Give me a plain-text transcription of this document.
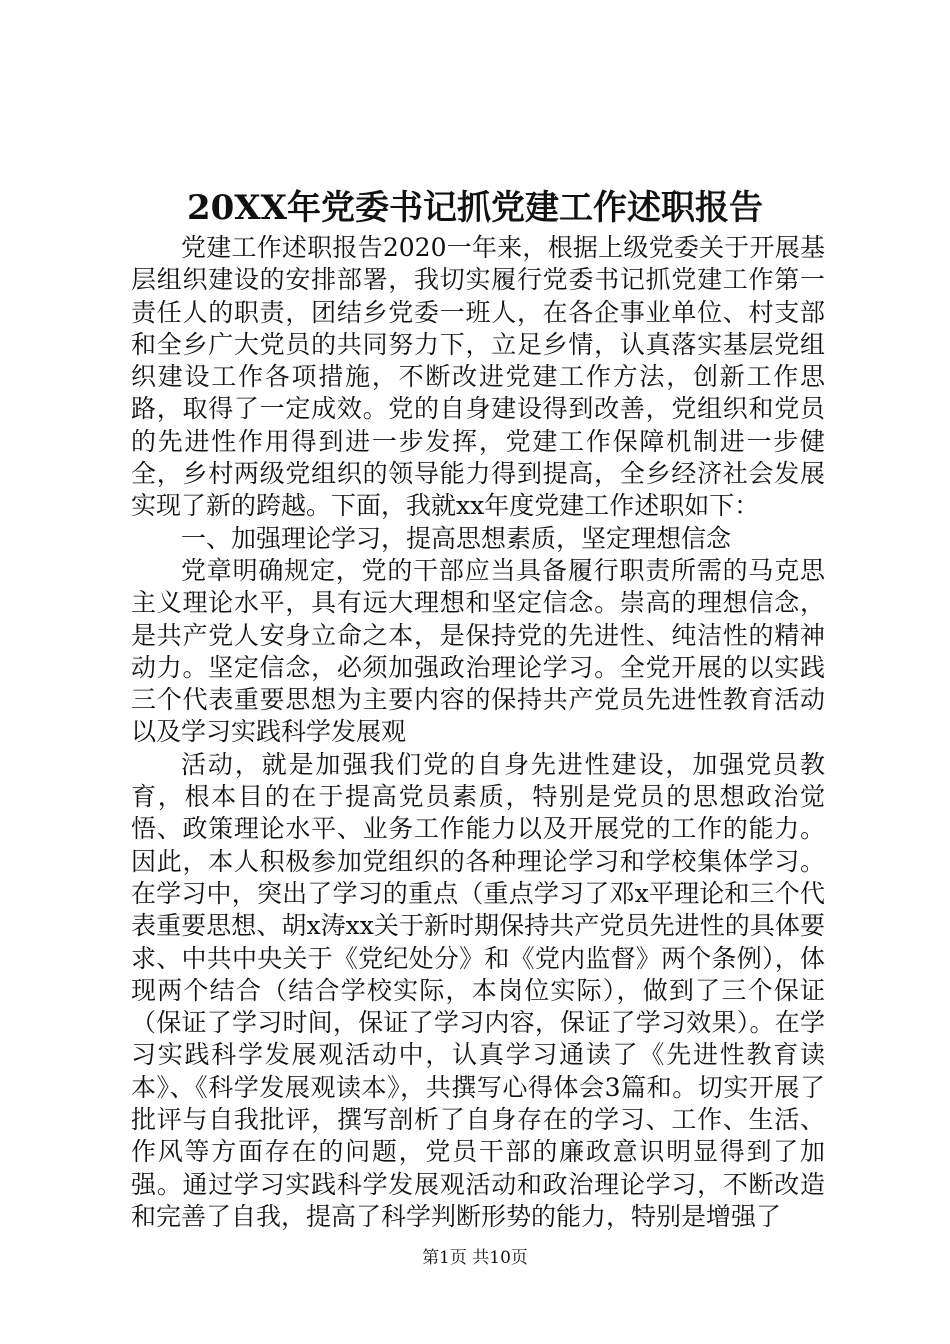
20XX年党委书记抓党建工作述职报告

党建工作述职报告2020一年来，根据上级党委关于开展基层组织建设的安排部署，我切实履行党委书记抓党建工作第一责任人的职责，团结乡党委一班人，在各企事业单位、村支部和全乡广大党员的共同努力下，立足乡情，认真落实基层党组织建设工作各项措施，不断改进党建工作方法，创新工作思路，取得了一定成效。党的自身建设得到改善，党组织和党员的先进性作用得到进一步发挥，党建工作保障机制进一步健全，乡村两级党组织的领导能力得到提高，全乡经济社会发展实现了新的跨越。下面，我就xx年度党建工作述职如下：

一、加强理论学习，提高思想素质，坚定理想信念

党章明确规定，党的干部应当具备履行职责所需的马克思主义理论水平，具有远大理想和坚定信念。崇高的理想信念，是共产党人安身立命之本，是保持党的先进性、纯洁性的精神动力。坚定信念，必须加强政治理论学习。全党开展的以实践三个代表重要思想为主要内容的保持共产党员先进性教育活动以及学习实践科学发展观

活动，就是加强我们党的自身先进性建设，加强党员教育，根本目的在于提高党员素质，特别是党员的思想政治觉悟、政策理论水平、业务工作能力以及开展党的工作的能力。因此，本人积极参加党组织的各种理论学习和学校集体学习。在学习中，突出了学习的重点（重点学习了邓x平理论和三个代表重要思想、胡x涛xx关于新时期保持共产党员先进性的具体要求、中共中央关于《党纪处分》和《党内监督》两个条例），体现两个结合（结合学校实际，本岗位实际），做到了三个保证（保证了学习时间，保证了学习内容，保证了学习效果）。在学习实践科学发展观活动中，认真学习通读了《先进性教育读本》、《科学发展观读本》，共撰写心得体会3篇和。切实开展了批评与自我批评，撰写剖析了自身存在的学习、工作、生活、作风等方面存在的问题，党员干部的廉政意识明显得到了加强。通过学习实践科学发展观活动和政治理论学习，不断改造和完善了自我，提高了科学判断形势的能力，特别是增强了

第1页 共10页
